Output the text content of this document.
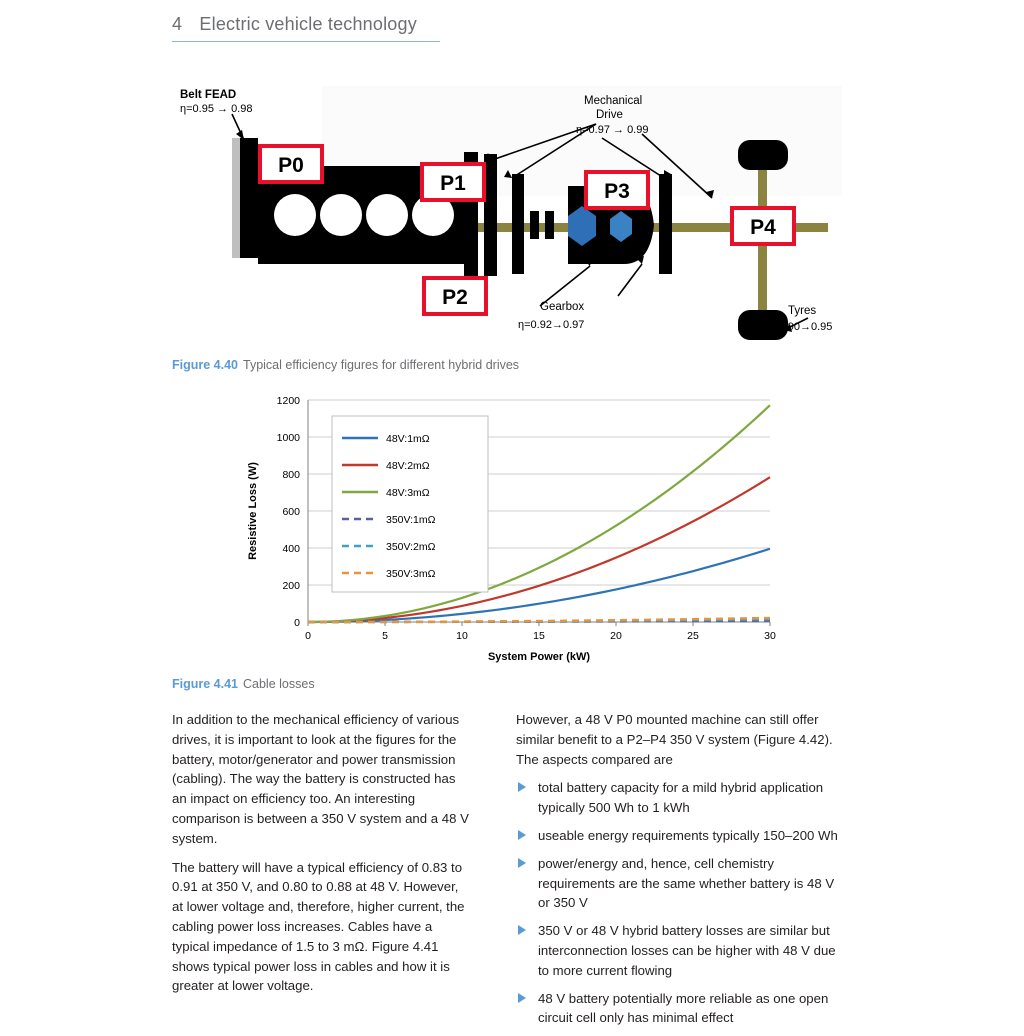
4 Electric vehicle technology
P0
P1
P2
P3
P4
Belt FEAD
η=0.95 → 0.98
Mechanical
Drive
η=0.97 → 0.99
Gearbox
η=0.92→0.97
Tyres
η=0.90→0.95
Figure 4.40 Typical efficiency figures for different hybrid drives
0
200
400
600
800
1000
1200
0	5	10	15	20	25	30
System Power (kW)
Resistive Loss (W)
48V:1mΩ
48V:2mΩ
48V:3mΩ
350V:1mΩ
350V:2mΩ
350V:3mΩ
Figure 4.41 Cable losses

In addition to the mechanical efficiency of various drives, it is important to look at the figures for the battery, motor/generator and power transmission (cabling). The way the battery is constructed has an impact on efficiency too. An interesting comparison is between a 350 V system and a 48 V system.

The battery will have a typical efficiency of 0.83 to 0.91 at 350 V, and 0.80 to 0.88 at 48 V. However, at lower voltage and, therefore, higher current, the cabling power loss increases. Cables have a typical impedance of 1.5 to 3 mΩ. Figure 4.41 shows typical power loss in cables and how it is greater at lower voltage.

However, a 48 V P0 mounted machine can still offer similar benefit to a P2–P4 350 V system (Figure 4.42). The aspects compared are

total battery capacity for a mild hybrid application typically 500 Wh to 1 kWh
useable energy requirements typically 150–200 Wh
power/energy and, hence, cell chemistry requirements are the same whether battery is 48 V or 350 V
350 V or 48 V hybrid battery losses are similar but interconnection losses can be higher with 48 V due to more current flowing
48 V battery potentially more reliable as one open circuit cell only has minimal effect
